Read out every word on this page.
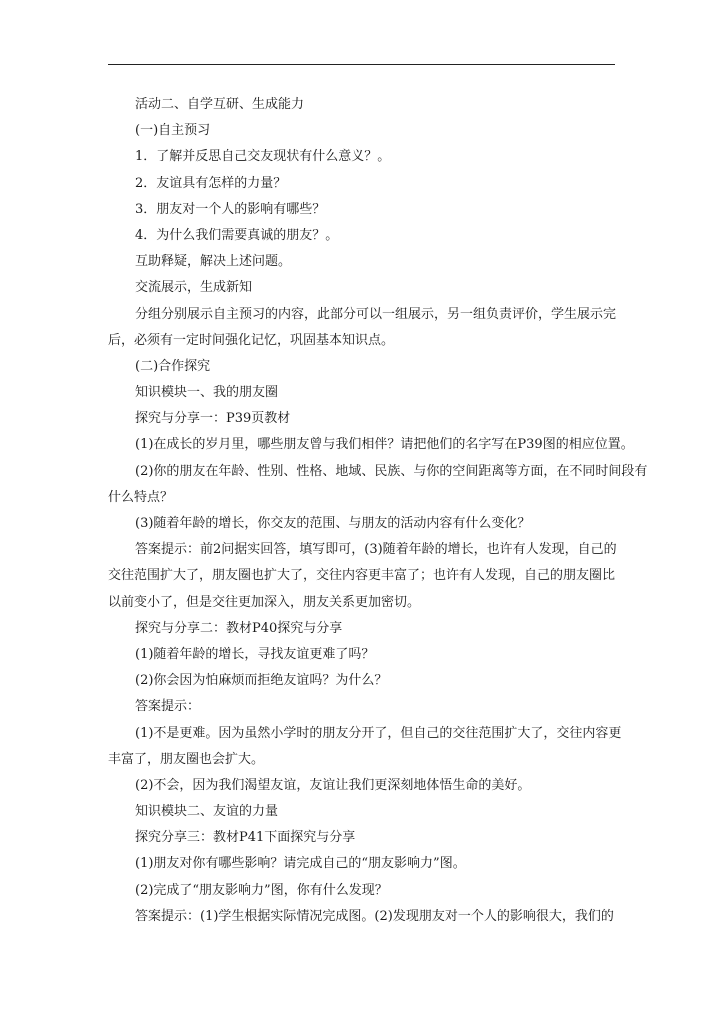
活动二、自学互研、生成能力
(一)自主预习
1．了解并反思自己交友现状有什么意义？。
2．友谊具有怎样的力量？
3．朋友对一个人的影响有哪些？
4．为什么我们需要真诚的朋友？。
互助释疑，解决上述问题。
交流展示，生成新知
分组分别展示自主预习的内容，此部分可以一组展示，另一组负责评价，学生展示完
后，必须有一定时间强化记忆，巩固基本知识点。
(二)合作探究
知识模块一、我的朋友圈
探究与分享一：P39页教材
(1)在成长的岁月里，哪些朋友曾与我们相伴？请把他们的名字写在P39图的相应位置。
(2)你的朋友在年龄、性别、性格、地域、民族、与你的空间距离等方面，在不同时间段有
什么特点？
(3)随着年龄的增长，你交友的范围、与朋友的活动内容有什么变化？
答案提示：前2问据实回答，填写即可，(3)随着年龄的增长，也许有人发现，自己的
交往范围扩大了，朋友圈也扩大了，交往内容更丰富了；也许有人发现，自己的朋友圈比
以前变小了，但是交往更加深入，朋友关系更加密切。
探究与分享二：教材P40探究与分享
(1)随着年龄的增长，寻找友谊更难了吗？
(2)你会因为怕麻烦而拒绝友谊吗？为什么？
答案提示：
(1)不是更难。因为虽然小学时的朋友分开了，但自己的交往范围扩大了，交往内容更
丰富了，朋友圈也会扩大。
(2)不会，因为我们渴望友谊，友谊让我们更深刻地体悟生命的美好。
知识模块二、友谊的力量
探究分享三：教材P41下面探究与分享
(1)朋友对你有哪些影响？请完成自己的“朋友影响力”图。
(2)完成了“朋友影响力”图，你有什么发现？
答案提示：(1)学生根据实际情况完成图。(2)发现朋友对一个人的影响很大，我们的
